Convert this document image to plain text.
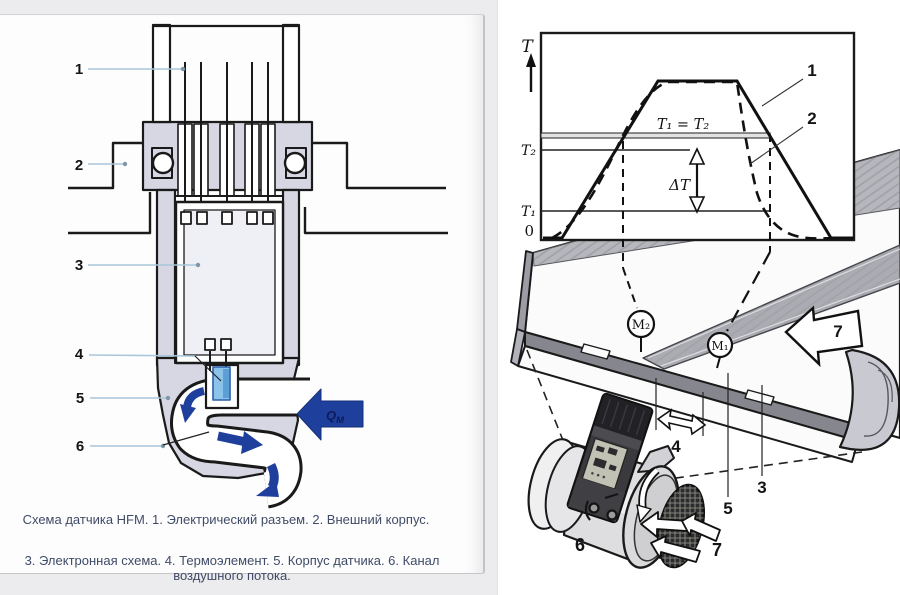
Схема датчика HFM. 1. Электрический разъем. 2. Внешний корпус.
3. Электронная схема. 4. Термоэлемент. 5. Корпус датчика. 6. Канал воздушного потока.
$Q_M$
1
2
3
4
5
6
T
0
T₂
T₁
T₁ = T₂
ΔT
1
2
M₂
M₁
7
4
5
3
6	7
